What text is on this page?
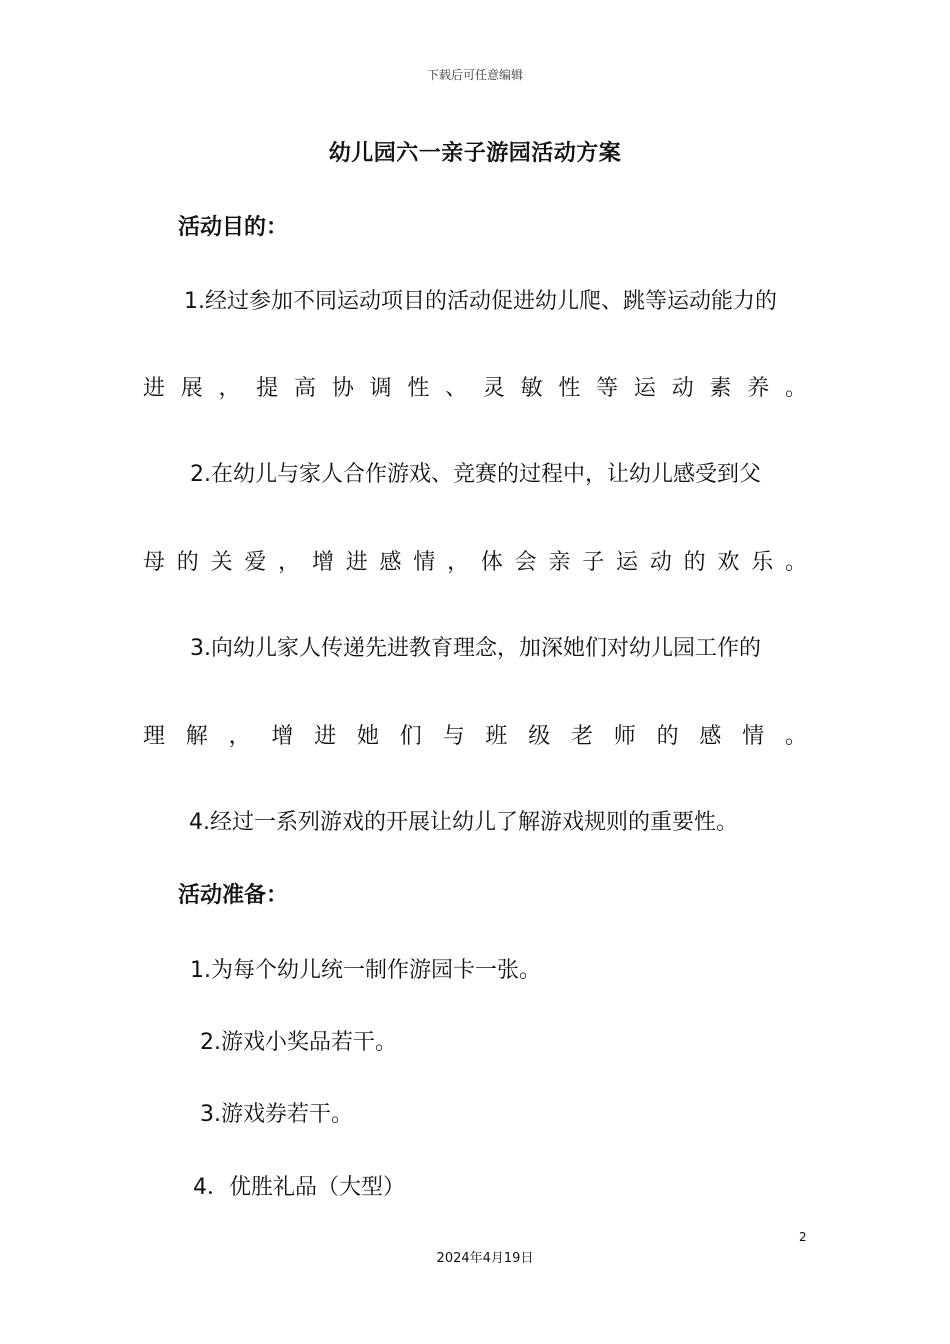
下载后可任意编辑
幼儿园六一亲子游园活动方案
活动目的：
1.经过参加不同运动项目的活动促进幼儿爬、跳等运动能力的
进展，提高协调性、灵敏性等运动素养。
2.在幼儿与家人合作游戏、竞赛的过程中，让幼儿感受到父
母的关爱，增进感情，体会亲子运动的欢乐。
3.向幼儿家人传递先进教育理念，加深她们对幼儿园工作的
理解，增进她们与班级老师的感情。
4.经过一系列游戏的开展让幼儿了解游戏规则的重要性。
活动准备：
1.为每个幼儿统一制作游园卡一张。
2.游戏小奖品若干。
3.游戏券若干。
4．优胜礼品（大型）
2
2024年4月19日
